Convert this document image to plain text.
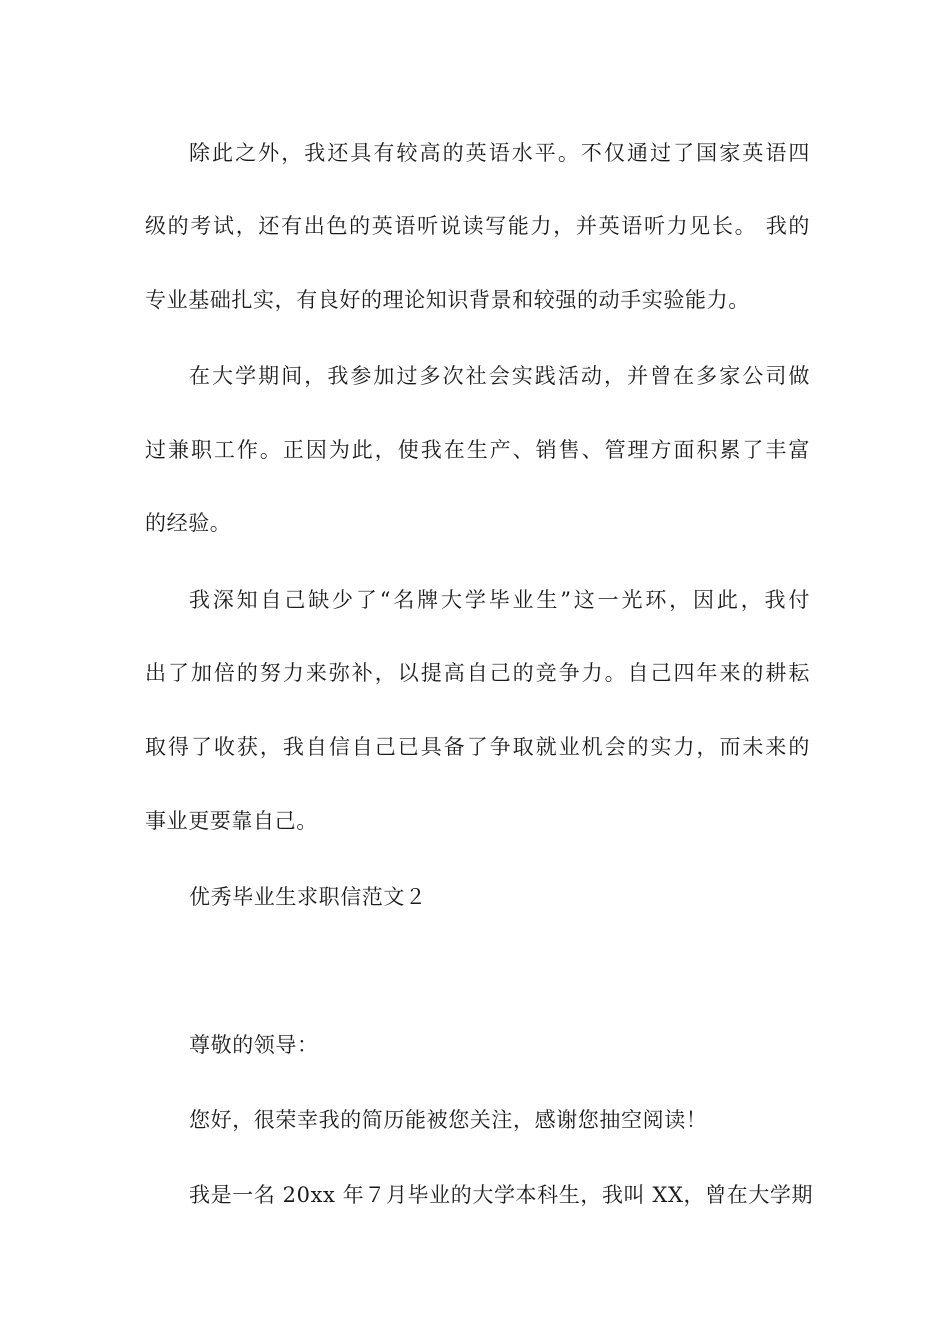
除此之外，我还具有较高的英语水平。不仅通过了国家英语四
级的考试，还有出色的英语听说读写能力，并英语听力见长。 我的
专业基础扎实，有良好的理论知识背景和较强的动手实验能力。
在大学期间，我参加过多次社会实践活动，并曾在多家公司做
过兼职工作。正因为此，使我在生产、销售、管理方面积累了丰富
的经验。
我深知自己缺少了“名牌大学毕业生”这一光环，因此，我付
出了加倍的努力来弥补，以提高自己的竞争力。自己四年来的耕耘
取得了收获，我自信自己已具备了争取就业机会的实力，而未来的
事业更要靠自己。
优秀毕业生求职信范文２
尊敬的领导：
您好，很荣幸我的简历能被您关注，感谢您抽空阅读！
我是一名 20xx 年７月毕业的大学本科生，我叫 XX，曾在大学期
